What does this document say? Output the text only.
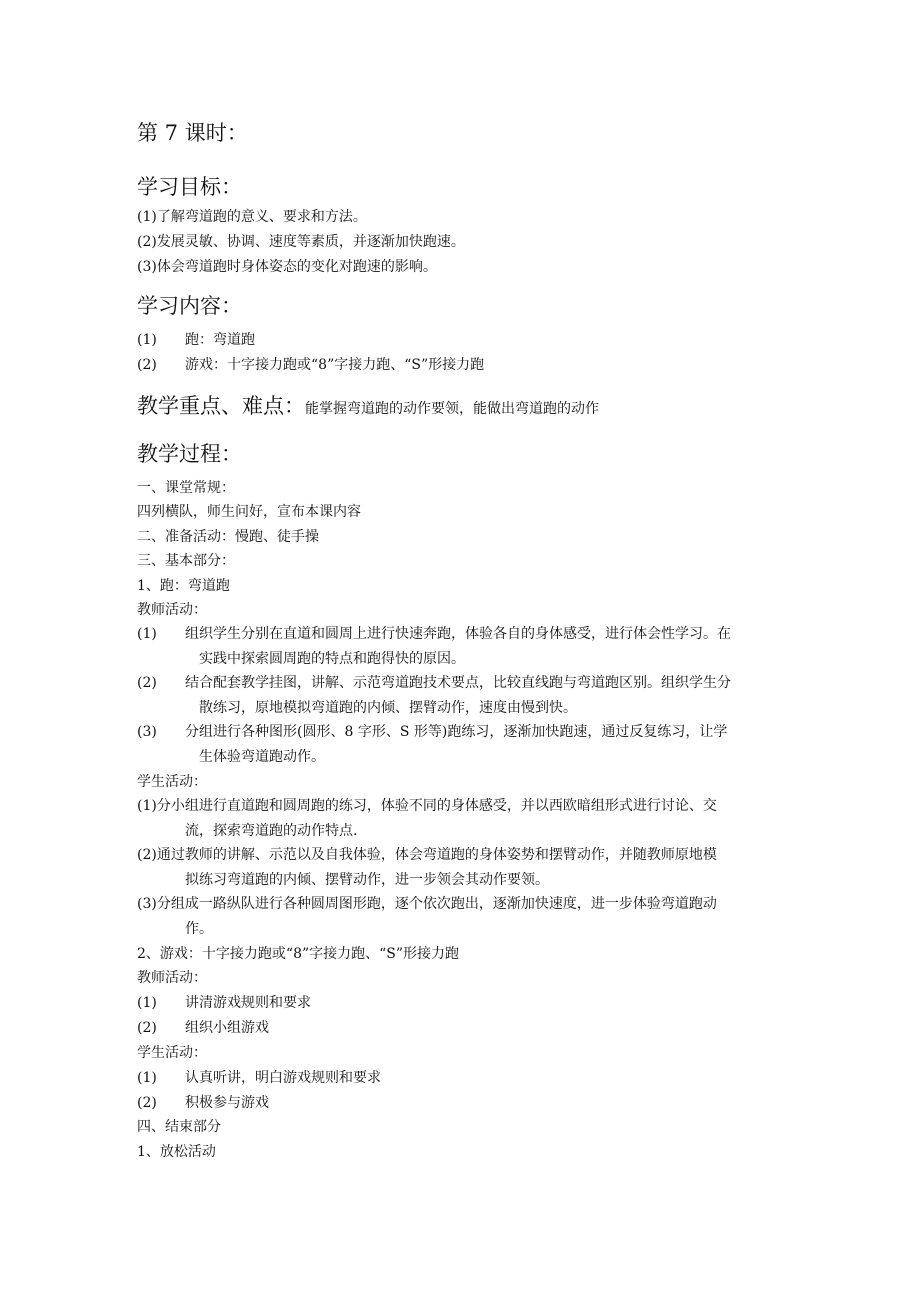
第 7 课时：
学习目标：
(1)了解弯道跑的意义、要求和方法。
(2)发展灵敏、协调、速度等素质，并逐渐加快跑速。
(3)体会弯道跑时身体姿态的变化对跑速的影响。
学习内容：
(1) 跑：弯道跑
(2) 游戏：十字接力跑或“8”字接力跑、“S”形接力跑
教学重点、难点：能掌握弯道跑的动作要领，能做出弯道跑的动作
教学过程：
一、课堂常规：
四列横队，师生问好，宣布本课内容
二、准备活动：慢跑、徒手操
三、基本部分：
1、跑：弯道跑
教师活动：
(1)	组织学生分别在直道和圆周上进行快速奔跑，体验各自的身体感受，进行体会性学习。在
实践中探索圆周跑的特点和跑得快的原因。
(2)	结合配套教学挂图，讲解、示范弯道跑技术要点，比较直线跑与弯道跑区别。组织学生分
散练习，原地模拟弯道跑的内倾、摆臂动作，速度由慢到快。
(3)	分组进行各种图形(圆形、8 字形、S 形等)跑练习，逐渐加快跑速，通过反复练习，让学
生体验弯道跑动作。
学生活动：
(1)分小组进行直道跑和圆周跑的练习，体验不同的身体感受，并以西欧暗组形式进行讨论、交
流，探索弯道跑的动作特点.
(2)通过教师的讲解、示范以及自我体验，体会弯道跑的身体姿势和摆臂动作，并随教师原地模
拟练习弯道跑的内倾、摆臂动作，进一步领会其动作要领。
(3)分组成一路纵队进行各种圆周图形跑，逐个依次跑出，逐渐加快速度，进一步体验弯道跑动
作。
2、游戏：十字接力跑或“8”字接力跑、“S”形接力跑
教师活动：
(1) 讲清游戏规则和要求
(2) 组织小组游戏
学生活动：
(1) 认真听讲，明白游戏规则和要求
(2) 积极参与游戏
四、结束部分
1、放松活动
